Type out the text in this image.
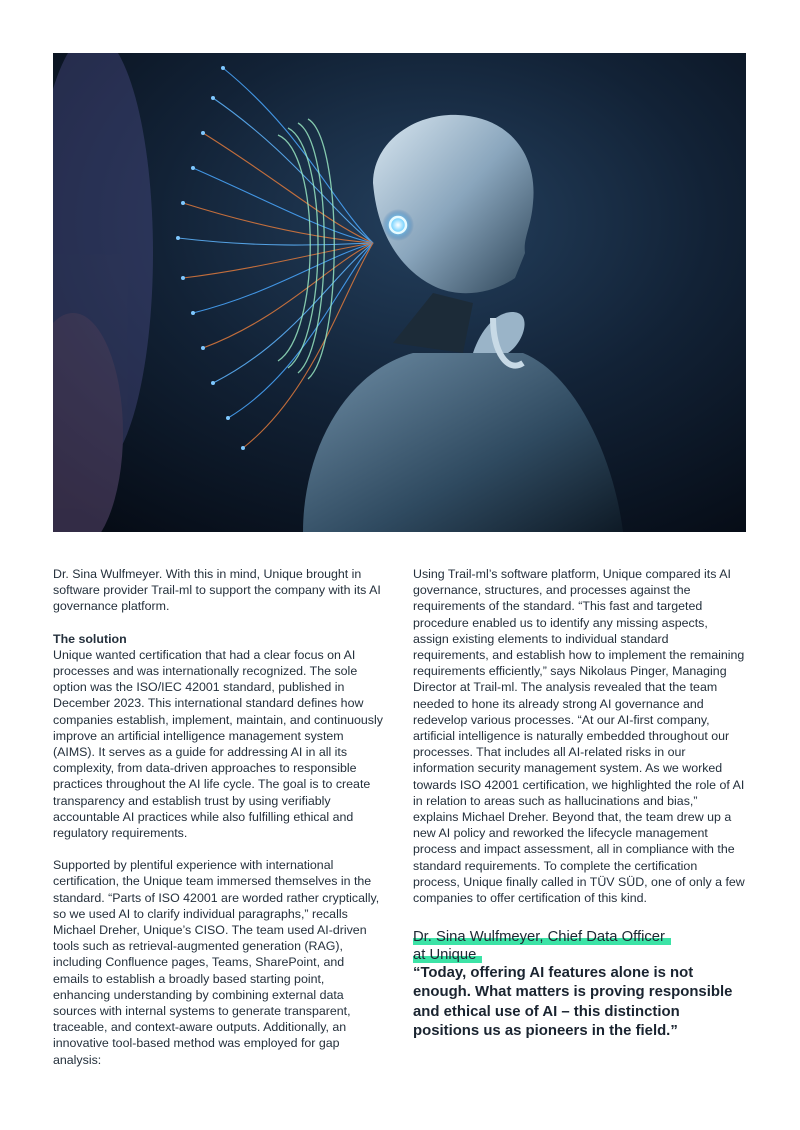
Dr. Sina Wulfmeyer. With this in mind, Unique brought in software provider Trail-ml to support the company with its AI governance platform.

The solution

Unique wanted certification that had a clear focus on AI processes and was internationally recognized. The sole option was the ISO/IEC 42001 standard, published in December 2023. This international standard defines how companies establish, implement, maintain, and continuously improve an artificial intelligence management system (AIMS). It serves as a guide for addressing AI in all its complexity, from data-driven approaches to responsible practices throughout the AI life cycle. The goal is to create transparency and establish trust by using verifiably accountable AI practices while also fulfilling ethical and regulatory requirements.

Supported by plentiful experience with international certification, the Unique team immersed themselves in the standard. “Parts of ISO 42001 are worded rather cryptically, so we used AI to clarify individual paragraphs,” recalls Michael Dreher, Unique’s CISO. The team used AI-driven tools such as retrieval-augmented generation (RAG), including Confluence pages, Teams, SharePoint, and emails to establish a broadly based starting point, enhancing understanding by combining external data sources with internal systems to generate transparent, traceable, and context-aware outputs. Additionally, an innovative tool-based method was employed for gap analysis:

Using Trail-ml’s software platform, Unique compared its AI governance, structures, and processes against the requirements of the standard. “This fast and targeted procedure enabled us to identify any missing aspects, assign existing elements to individual standard requirements, and establish how to implement the remaining requirements efficiently,” says Nikolaus Pinger, Managing Director at Trail-ml. The analysis revealed that the team needed to hone its already strong AI governance and redevelop various processes. “At our AI-first company, artificial intelligence is naturally embedded throughout our processes. That includes all AI-related risks in our information security management system. As we worked towards ISO 42001 certification, we highlighted the role of AI in relation to areas such as hallucinations and bias,” explains Michael Dreher. Beyond that, the team drew up a new AI policy and reworked the lifecycle management process and impact assessment, all in compliance with the standard requirements. To complete the certification process, Unique finally called in TÜV SÜD, one of only a few companies to offer certification of this kind.

Dr. Sina Wulfmeyer, Chief Data Officer
at Unique

“Today, offering AI features alone is not enough. What matters is proving responsible and ethical use of AI – this distinction positions us as pioneers in the field.”
